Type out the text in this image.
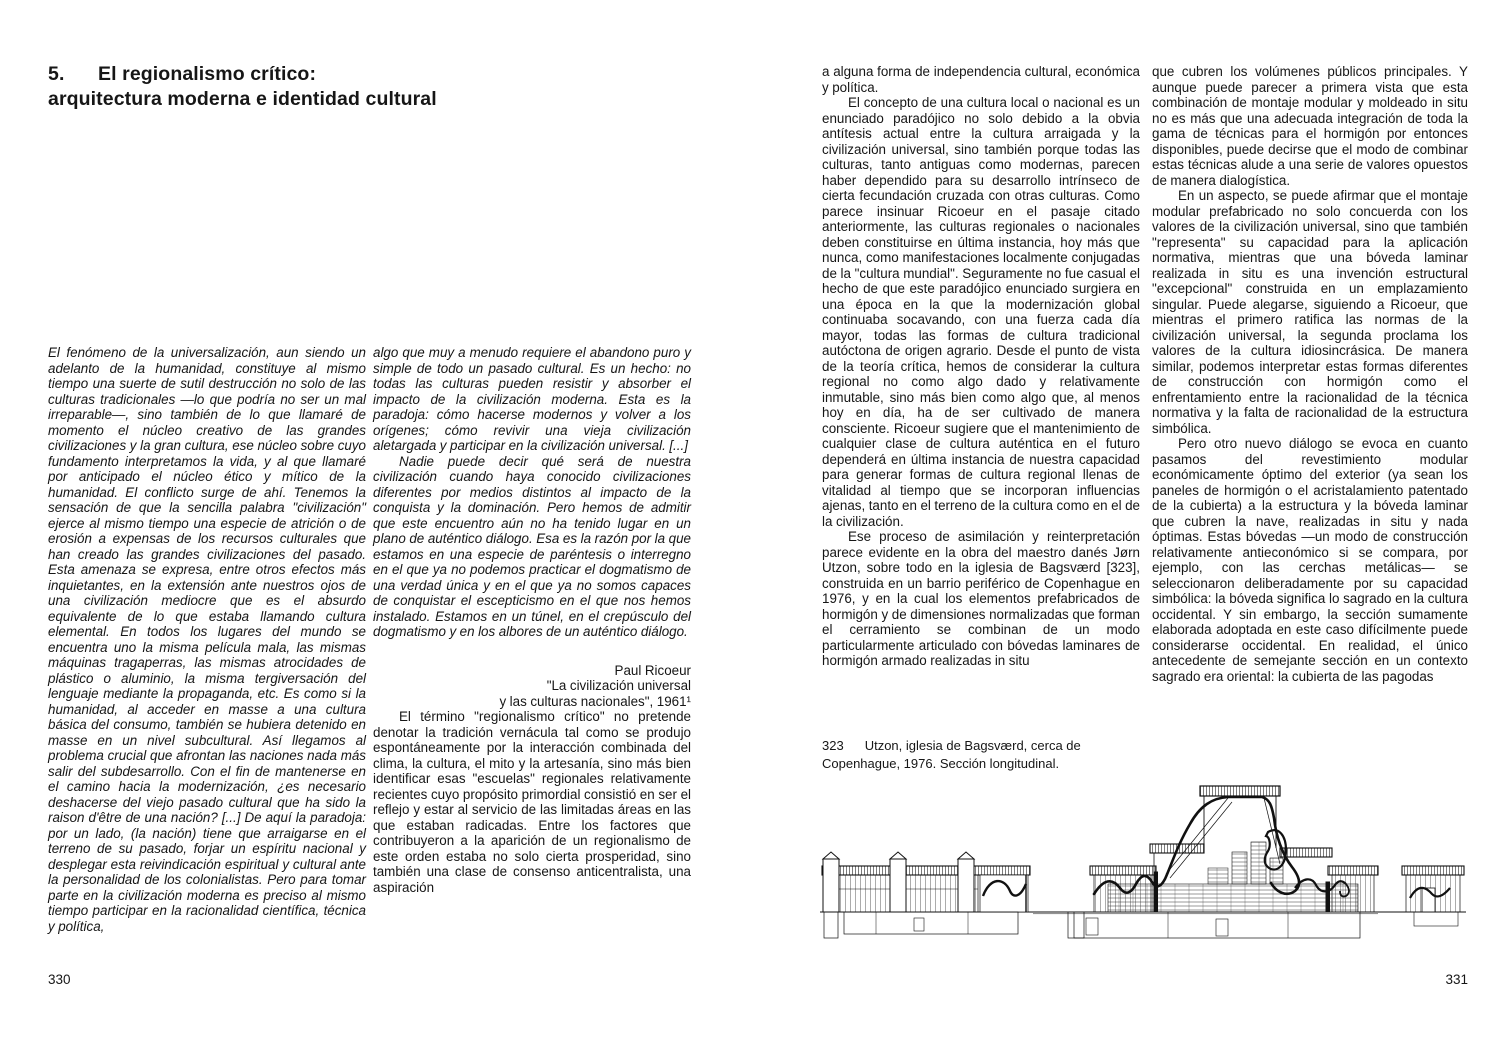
5.	El regionalismo crítico:
arquitectura moderna e identidad cultural

El fenómeno de la universalización, aun siendo un adelanto de la humanidad, constituye al mismo tiempo una suerte de sutil destrucción no solo de las culturas tradicionales —lo que podría no ser un mal irreparable—, sino también de lo que llamaré de momento el núcleo creativo de las grandes civilizaciones y la gran cultura, ese núcleo sobre cuyo fundamento interpretamos la vida, y al que llamaré por anticipado el núcleo ético y mítico de la humanidad. El conflicto surge de ahí. Tenemos la sensación de que la sencilla palabra "civilización" ejerce al mismo tiempo una especie de atrición o de erosión a expensas de los recursos culturales que han creado las grandes civilizaciones del pasado. Esta amenaza se expresa, entre otros efectos más inquietantes, en la extensión ante nuestros ojos de una civilización mediocre que es el absurdo equivalente de lo que estaba llamando cultura elemental. En todos los lugares del mundo se encuentra uno la misma película mala, las mismas máquinas tragaperras, las mismas atrocidades de plástico o aluminio, la misma tergiversación del lenguaje mediante la propaganda, etc. Es como si la humanidad, al acceder en masse a una cultura básica del consumo, también se hubiera detenido en masse en un nivel subcultural. Así llegamos al problema crucial que afrontan las naciones nada más salir del subdesarrollo. Con el fin de mantenerse en el camino hacia la modernización, ¿es necesario deshacerse del viejo pasado cultural que ha sido la raison d'être de una nación? [...] De aquí la paradoja: por un lado, (la nación) tiene que arraigarse en el terreno de su pasado, forjar un espíritu nacional y desplegar esta reivindicación espiritual y cultural ante la personalidad de los colonialistas. Pero para tomar parte en la civilización moderna es preciso al mismo tiempo participar en la racionalidad científica, técnica y política,

algo que muy a menudo requiere el abandono puro y simple de todo un pasado cultural. Es un hecho: no todas las culturas pueden resistir y absorber el impacto de la civilización moderna. Esta es la paradoja: cómo hacerse modernos y volver a los orígenes; cómo revivir una vieja civilización aletargada y participar en la civilización universal. [...]

Nadie puede decir qué será de nuestra civilización cuando haya conocido civilizaciones diferentes por medios distintos al impacto de la conquista y la dominación. Pero hemos de admitir que este encuentro aún no ha tenido lugar en un plano de auténtico diálogo. Esa es la razón por la que estamos en una especie de paréntesis o interregno en el que ya no podemos practicar el dogmatismo de una verdad única y en el que ya no somos capaces de conquistar el escepticismo en el que nos hemos instalado. Estamos en un túnel, en el crepúsculo del dogmatismo y en los albores de un auténtico diálogo.

Paul Ricoeur
"La civilización universal
y las culturas nacionales", 1961¹

El término "regionalismo crítico" no pretende denotar la tradición vernácula tal como se produjo espontáneamente por la interacción combinada del clima, la cultura, el mito y la artesanía, sino más bien identificar esas "escuelas" regionales relativamente recientes cuyo propósito primordial consistió en ser el reflejo y estar al servicio de las limitadas áreas en las que estaban radicadas. Entre los factores que contribuyeron a la aparición de un regionalismo de este orden estaba no solo cierta prosperidad, sino también una clase de consenso anticentralista, una aspiración

330

a alguna forma de independencia cultural, económica y política.

El concepto de una cultura local o nacional es un enunciado paradójico no solo debido a la obvia antítesis actual entre la cultura arraigada y la civilización universal, sino también porque todas las culturas, tanto antiguas como modernas, parecen haber dependido para su desarrollo intrínseco de cierta fecundación cruzada con otras culturas. Como parece insinuar Ricoeur en el pasaje citado anteriormente, las culturas regionales o nacionales deben constituirse en última instancia, hoy más que nunca, como manifestaciones localmente conjugadas de la "cultura mundial". Seguramente no fue casual el hecho de que este paradójico enunciado surgiera en una época en la que la modernización global continuaba socavando, con una fuerza cada día mayor, todas las formas de cultura tradicional autóctona de origen agrario. Desde el punto de vista de la teoría crítica, hemos de considerar la cultura regional no como algo dado y relativamente inmutable, sino más bien como algo que, al menos hoy en día, ha de ser cultivado de manera consciente. Ricoeur sugiere que el mantenimiento de cualquier clase de cultura auténtica en el futuro dependerá en última instancia de nuestra capacidad para generar formas de cultura regional llenas de vitalidad al tiempo que se incorporan influencias ajenas, tanto en el terreno de la cultura como en el de la civilización.

Ese proceso de asimilación y reinterpretación parece evidente en la obra del maestro danés Jørn Utzon, sobre todo en la iglesia de Bagsværd [323], construida en un barrio periférico de Copenhague en 1976, y en la cual los elementos prefabricados de hormigón y de dimensiones normalizadas que forman el cerramiento se combinan de un modo particularmente articulado con bóvedas laminares de hormigón armado realizadas in situ

que cubren los volúmenes públicos principales. Y aunque puede parecer a primera vista que esta combinación de montaje modular y moldeado in situ no es más que una adecuada integración de toda la gama de técnicas para el hormigón por entonces disponibles, puede decirse que el modo de combinar estas técnicas alude a una serie de valores opuestos de manera dialogística.

En un aspecto, se puede afirmar que el montaje modular prefabricado no solo concuerda con los valores de la civilización universal, sino que también "representa" su capacidad para la aplicación normativa, mientras que una bóveda laminar realizada in situ es una invención estructural "excepcional" construida en un emplazamiento singular. Puede alegarse, siguiendo a Ricoeur, que mientras el primero ratifica las normas de la civilización universal, la segunda proclama los valores de la cultura idiosincrásica. De manera similar, podemos interpretar estas formas diferentes de construcción con hormigón como el enfrentamiento entre la racionalidad de la técnica normativa y la falta de racionalidad de la estructura simbólica.

Pero otro nuevo diálogo se evoca en cuanto pasamos del revestimiento modular económicamente óptimo del exterior (ya sean los paneles de hormigón o el acristalamiento patentado de la cubierta) a la estructura y la bóveda laminar que cubren la nave, realizadas in situ y nada óptimas. Estas bóvedas —un modo de construcción relativamente antieconómico si se compara, por ejemplo, con las cerchas metálicas— se seleccionaron deliberadamente por su capacidad simbólica: la bóveda significa lo sagrado en la cultura occidental. Y sin embargo, la sección sumamente elaborada adoptada en este caso difícilmente puede considerarse occidental. En realidad, el único antecedente de semejante sección en un contexto sagrado era oriental: la cubierta de las pagodas

323 Utzon, iglesia de Bagsværd, cerca de Copenhague, 1976. Sección longitudinal.
331
